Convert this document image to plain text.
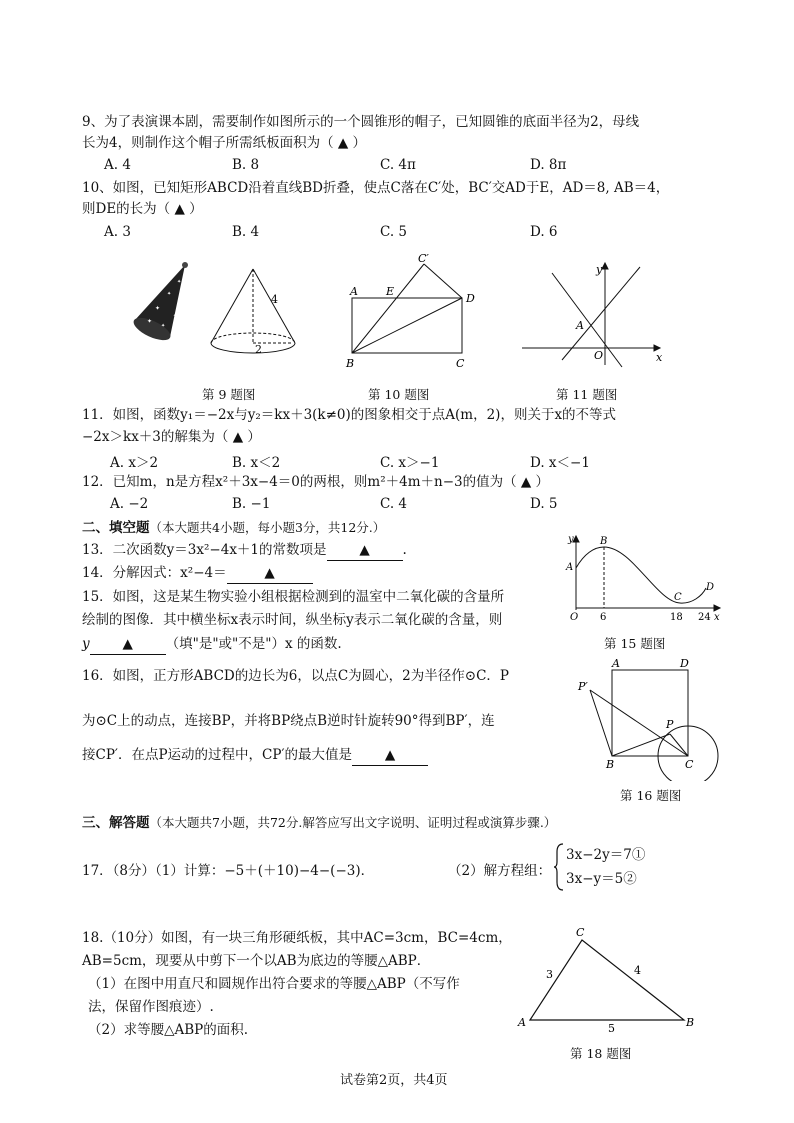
9、为了表演课本剧，需要制作如图所示的一个圆锥形的帽子，已知圆锥的底面半径为2，母线
长为4，则制作这个帽子所需纸板面积为（ ▲ ）
A. 4	B. 8	C. 4π	D. 8π
10、如图，已知矩形ABCD沿着直线BD折叠，使点C落在C′处，BC′交AD于E，AD＝8, AB＝4，
则DE的长为（ ▲ ）
A. 3	B. 4	C. 5	D. 6
✦
✦
✦
✦
✦
✦
4
2
A	E
C′
D
B	C
y
x
A
O
第 9 题图	第 10 题图	第 11 题图
11．如图，函数y₁＝−2x与y₂＝kx＋3(k≠0)的图象相交于点A(m，2)，则关于x的不等式
−2x＞kx＋3的解集为（ ▲ ）
A. x＞2	B. x＜2	C. x＞−1	D. x＜−1
12．已知m，n是方程x²＋3x−4＝0的两根，则m²＋4m＋n−3的值为（ ▲ ）
A. −2	B. −1	C. 4	D. 5
二、填空题（本大题共4小题，每小题3分，共12分.）
13．二次函数y＝3x²−4x＋1的常数项是 ▲ .
14．分解因式：x²−4＝	▲
15．如图，这是某生物实验小组根据检测到的温室中二氧化碳的含量所
绘制的图像．其中横坐标x表示时间，纵坐标y表示二氧化碳的含量，则
y ▲ （填"是"或"不是"）x 的函数.
y	B
A
C
D
O 6	18 24 x
第 15 题图
16．如图，正方形ABCD的边长为6，以点C为圆心，2为半径作⊙C．P
为⊙C上的动点，连接BP，并将BP绕点B逆时针旋转90°得到BP′，连
接CP′．在点P运动的过程中，CP′的最大值是 ▲
A	D
P′
P
B	C
第 16 题图
三、解答题（本大题共7小题，共72分.解答应写出文字说明、证明过程或演算步骤.）
17．（8分）（1）计算：−5＋(＋10)−4−(−3)．	（2）解方程组：
3x−2y＝7①
3x−y＝5②
18.（10分）如图，有一块三角形硬纸板，其中AC=3cm，BC=4cm，
AB=5cm，现要从中剪下一个以AB为底边的等腰△ABP．
（1）在图中用直尺和圆规作出符合要求的等腰△ABP（不写作
法，保留作图痕迹）.
（2）求等腰△ABP的面积.
C
A	B
3	4
5
第 18 题图
试卷第2页，共4页
